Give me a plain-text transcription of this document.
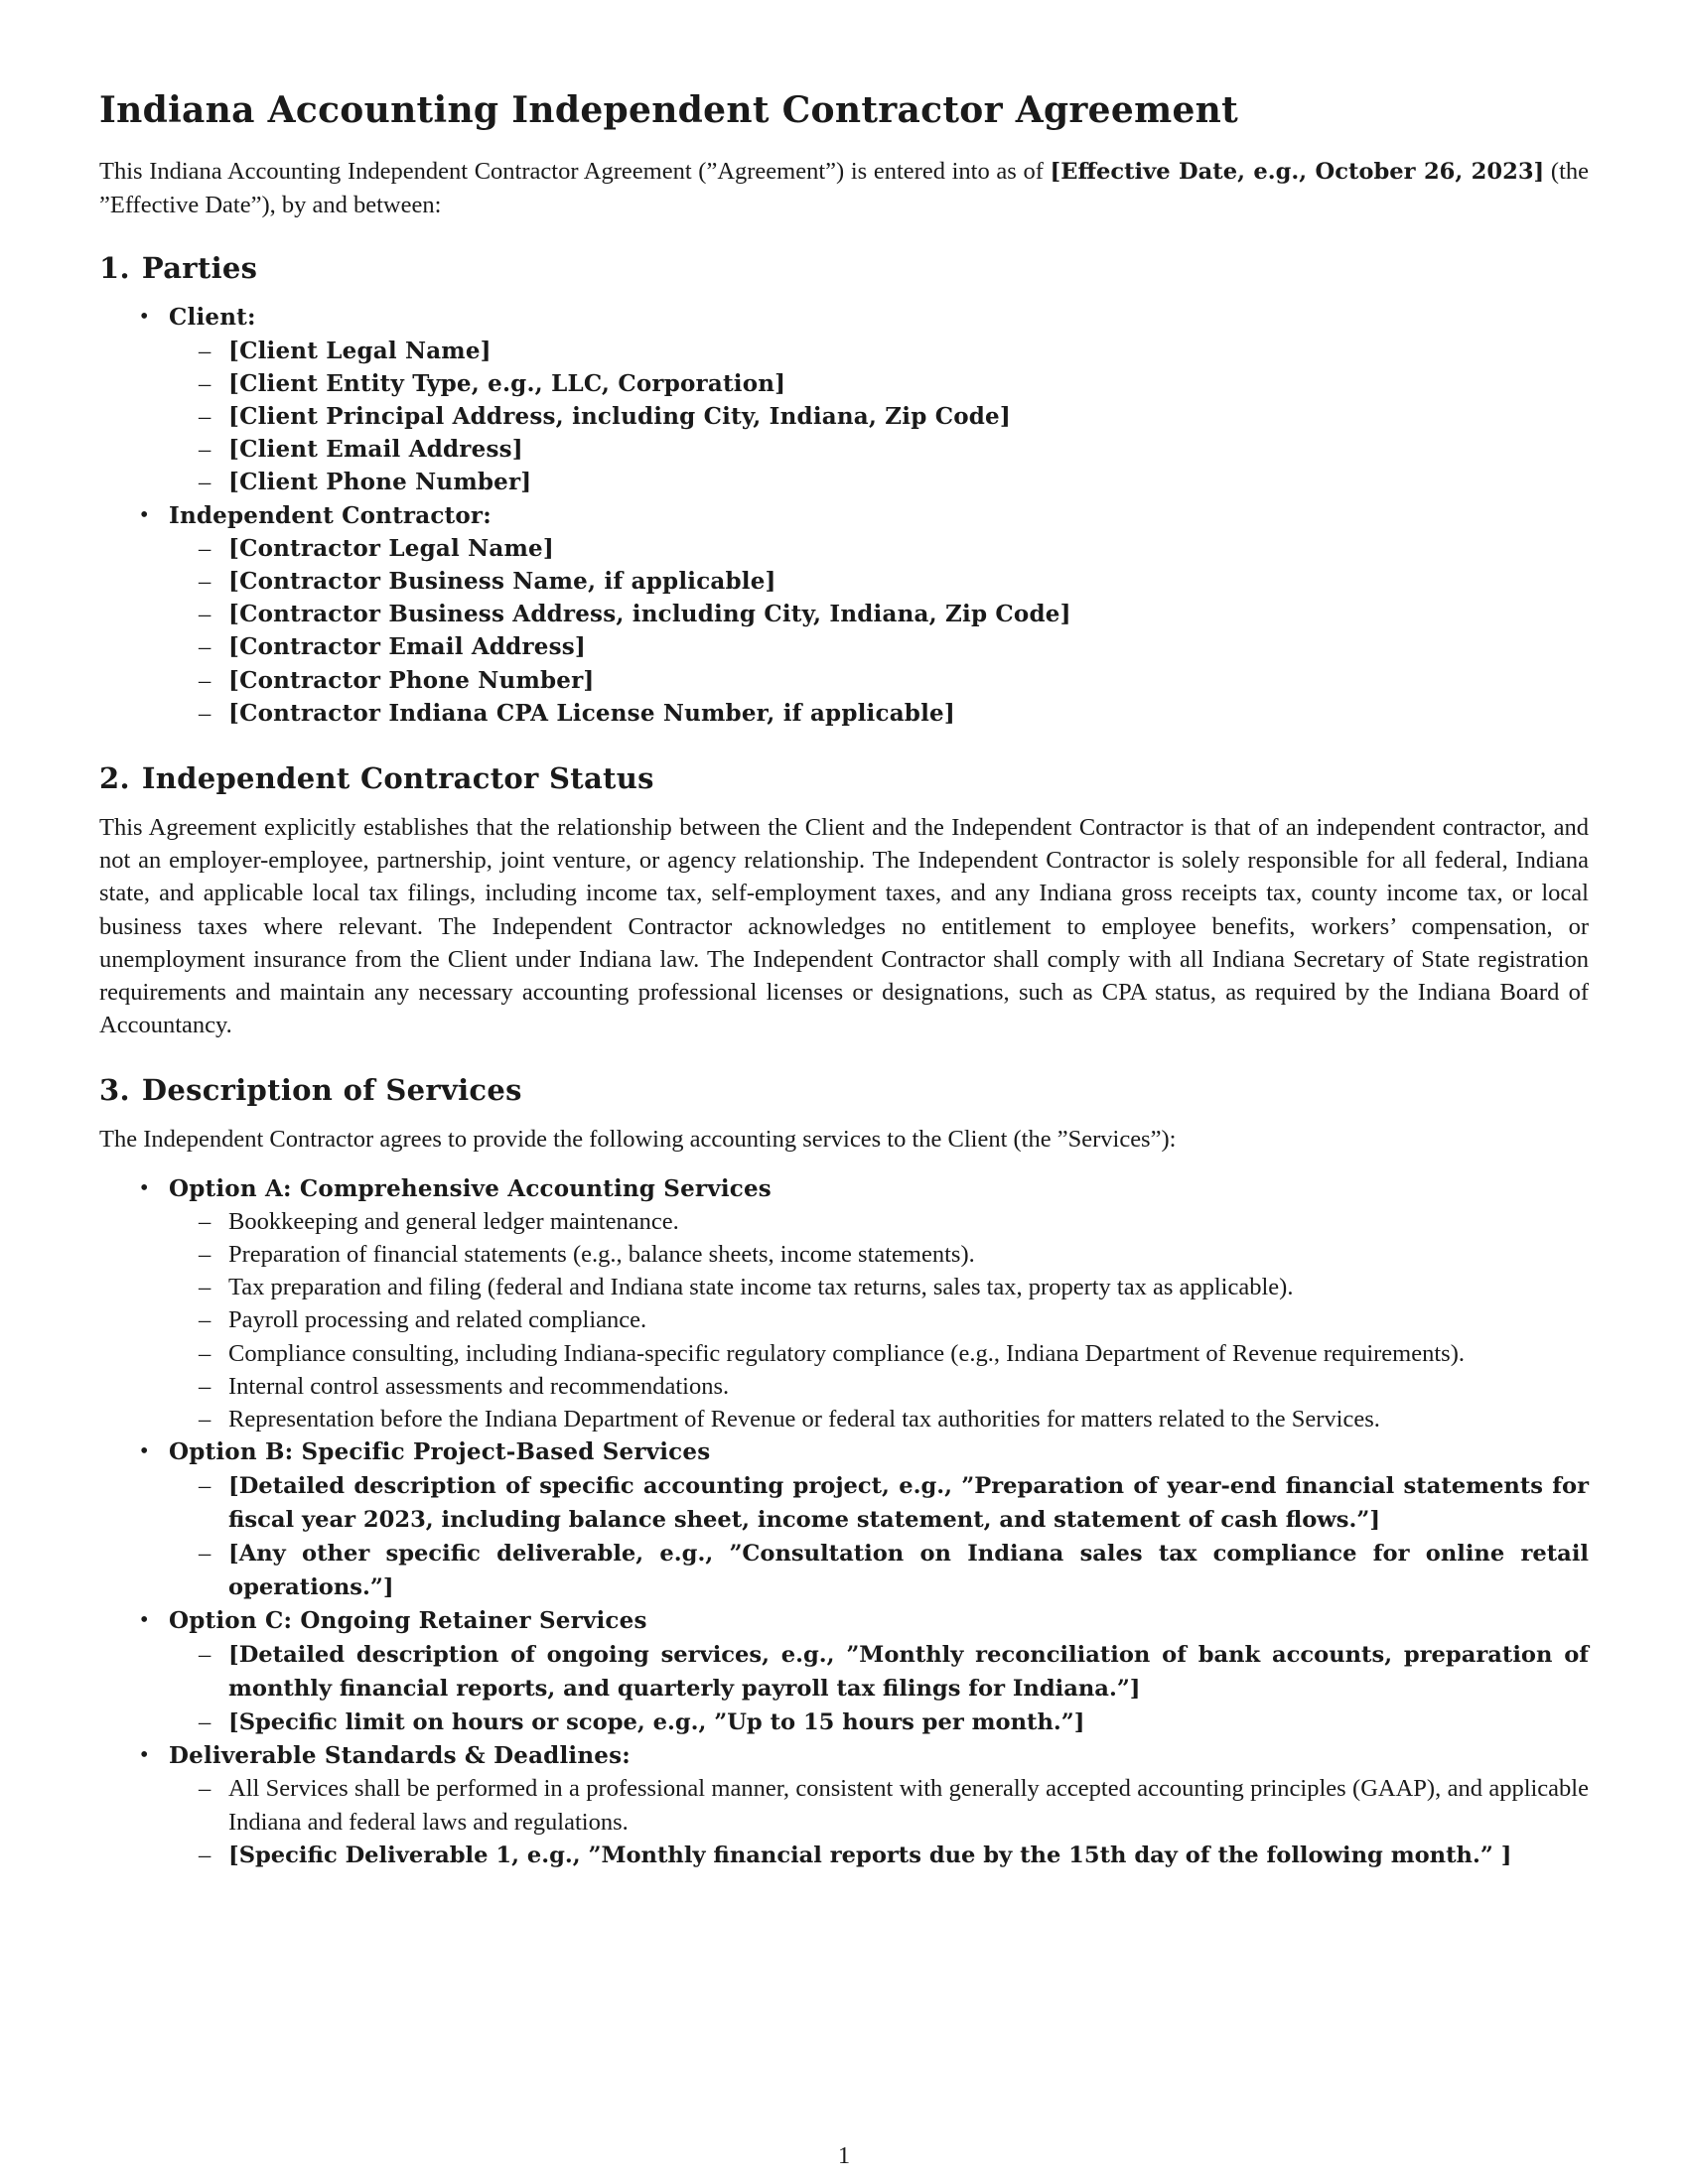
Indiana Accounting Independent Contractor Agreement

This Indiana Accounting Independent Contractor Agreement (”Agreement”) is entered into as of [Effective Date, e.g., October 26, 2023] (the ”Effective Date”), by and between:

1. Parties
• Client:
– [Client Legal Name]
– [Client Entity Type, e.g., LLC, Corporation]
– [Client Principal Address, including City, Indiana, Zip Code]
– [Client Email Address]
– [Client Phone Number]
• Independent Contractor:
– [Contractor Legal Name]
– [Contractor Business Name, if applicable]
– [Contractor Business Address, including City, Indiana, Zip Code]
– [Contractor Email Address]
– [Contractor Phone Number]
– [Contractor Indiana CPA License Number, if applicable]
2. Independent Contractor Status

This Agreement explicitly establishes that the relationship between the Client and the Independent Contractor is that of an independent contractor, and not an employer-employee, partnership, joint venture, or agency relationship. The Independent Contractor is solely responsible for all federal, Indiana state, and applicable local tax filings, including income tax, self-employment taxes, and any Indiana gross receipts tax, county income tax, or local business taxes where relevant. The Independent Contractor acknowledges no entitlement to employee benefits, workers’ compensation, or unemployment insurance from the Client under Indiana law. The Independent Contractor shall comply with all Indiana Secretary of State registration requirements and maintain any necessary accounting professional licenses or designations, such as CPA status, as required by the Indiana Board of Accountancy.

3. Description of Services

The Independent Contractor agrees to provide the following accounting services to the Client (the ”Services”):

• Option A: Comprehensive Accounting Services
– Bookkeeping and general ledger maintenance.
– Preparation of financial statements (e.g., balance sheets, income statements).
– Tax preparation and filing (federal and Indiana state income tax returns, sales tax, property tax as applicable).
– Payroll processing and related compliance.
– Compliance consulting, including Indiana-specific regulatory compliance (e.g., Indiana Department of Revenue requirements).
– Internal control assessments and recommendations.
– Representation before the Indiana Department of Revenue or federal tax authorities for matters related to the Services.
• Option B: Specific Project-Based Services
– [Detailed description of specific accounting project, e.g., ”Preparation of year-end financial statements for fiscal year 2023, including balance sheet, income statement, and statement of cash flows.”]
– [Any other specific deliverable, e.g., ”Consultation on Indiana sales tax compliance for online retail operations.”]
• Option C: Ongoing Retainer Services
– [Detailed description of ongoing services, e.g., ”Monthly reconciliation of bank accounts, preparation of monthly financial reports, and quarterly payroll tax filings for Indiana.”]
– [Specific limit on hours or scope, e.g., ”Up to 15 hours per month.”]
• Deliverable Standards & Deadlines:
– All Services shall be performed in a professional manner, consistent with generally accepted accounting principles (GAAP), and applicable Indiana and federal laws and regulations.
– [Specific Deliverable 1, e.g., ”Monthly financial reports due by the 15th day of the following month.” ]
1
